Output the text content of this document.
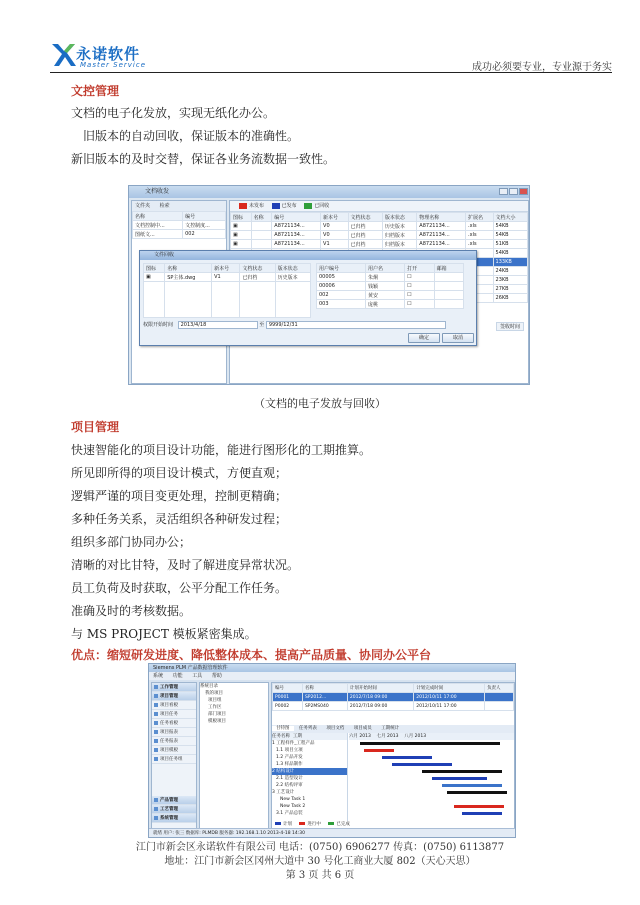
永诺软件
Master Service	成功必须要专业，专业源于务实
文控管理
文档的电子化发放，实现无纸化办公。
旧版本的自动回收，保证版本的准确性。
新旧版本的及时交替，保证各业务流数据一致性。
文档收发
文件夹 检索
名称	编号
文档控制中...	文控制度...
图纸文...	002
未发布	已发布	已回收
图标	名称	编号	新本号	文档状态	版本状态	物理名称	扩展名	文档大小
▣		A8721134...	V0	已归档	历史版本	A8721134...	.xls	54KB
▣		A8721134...	V0	已归档	归档版本	A8721134...	.xls	54KB
▣		A8721134...	V1	已归档	归档版本	A8721134...	.xls	51KB
								54KB
								133KB
								24KB
								23KB
								27KB
								26KB
签收时间
文件回收
图标	名称	新本号	文档状态	版本状态
▣	SP主体.dwg	V1	已归档	历史版本

用户编号	用户名	打开	邮箱
00005	朱炯	☐	
00006	钱颖	☐	
002	黄安	☐	
003	庞桃	☐	
权限开始时间 2013/4/18	至 9999/12/31
确定	取消
（文档的电子发放与回收）
项目管理
快速智能化的项目设计功能，能进行图形化的工期推算。
所见即所得的项目设计模式，方便直观；
逻辑严谨的项目变更处理，控制更精确；
多种任务关系，灵活组织各种研发过程；
组织多部门协同办公；
清晰的对比甘特，及时了解进度异常状况。
员工负荷及时获取，公平分配工作任务。
准确及时的考核数据。
与 MS PROJECT 模板紧密集成。
优点：缩短研发进度、降低整体成本、提高产品质量、协同办公平台
Siemens PLM 产品数据管理软件
系统 功能 工具 帮助
工作管理
项目管理
项目看板
项目任务
任务看板
项目报表
任务报表
项目模板
项目任务组
产品管理
工艺管理
系统管理
系统目录
我的项目
项目组
工作区
部门项目
模板项目
编号	名称	计划开始时间	计划完成时间	负责人
P0001	SP2012...	2012/7/18 09:00	2012/10/11 17:00	
P0002	SP2MS040	2012/7/18 09:00	2012/10/11 17:00	
甘特图 任务列表 项目文档 项目成员 工期统计
任务名称 工期
1 工程样件_工程产品
1.1 项目立项
1.2 产品开发
1.3 样品制作
2 结构设计
2.1 造型设计
2.2 结构评审
3 工艺设计
New Task 1
New Task 2
3.1 产品总装
六月 2013 七月 2013 八月 2013
计划	进行中	已完成
就绪 用户: 张三 数据库: PLMDB 服务器: 192.168.1.10 2013-4-18 14:30
江门市新会区永诺软件有限公司 电话：(0750) 6906277 传真：(0750) 6113877
地址：江门市新会区冈州大道中 30 号化工商业大厦 802（天心天思）
第 3 页 共 6 页
